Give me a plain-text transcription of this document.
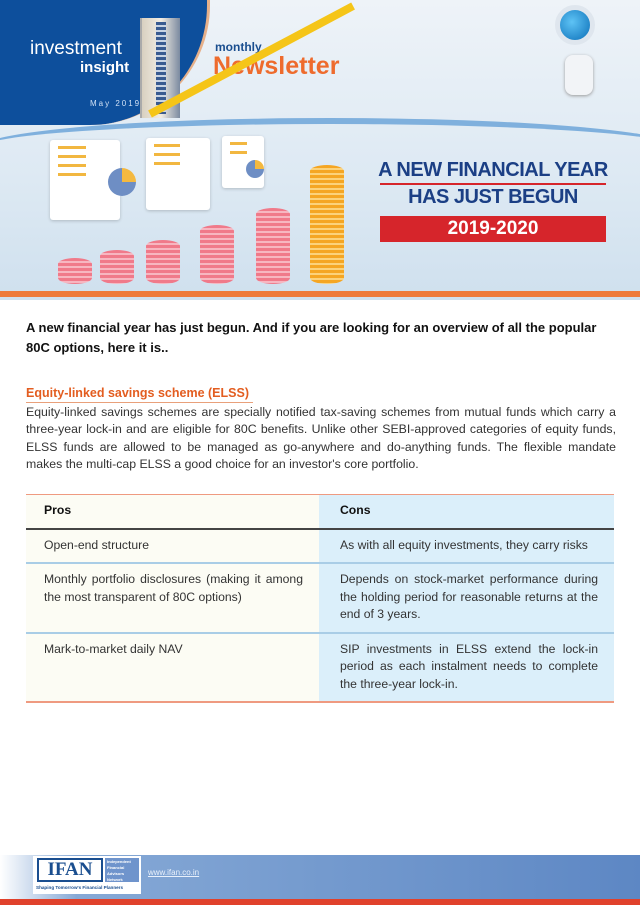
investment
insight
May 2019
monthly
Newsletter
A NEW FINANCIAL YEAR
HAS JUST BEGUN
2019-2020
A new financial year has just begun. And if you are looking for an overview of all the popular 80C options, here it is..
Equity-linked savings scheme (ELSS)
Equity-linked savings schemes are specially notified tax-saving schemes from mutual funds which carry a three-year lock-in and are eligible for 80C benefits. Unlike other SEBI-approved categories of equity funds, ELSS funds are allowed to be managed as go-anywhere and do-anything funds. The flexible mandate makes the multi-cap ELSS a good choice for an investor's core portfolio.
Pros	Cons
Open-end structure	As with all equity investments, they carry risks
Monthly portfolio disclosures (making it among the most transparent of 80C options)	Depends on stock-market performance during the holding period for reasonable returns at the end of 3 years.
Mark-to-market daily NAV	SIP investments in ELSS extend the lock-in period as each instalment needs to complete the three-year lock-in.
IFAN	Independent Financial Advisors Network
Shaping Tomorrow's Financial Planners
www.ifan.co.in
